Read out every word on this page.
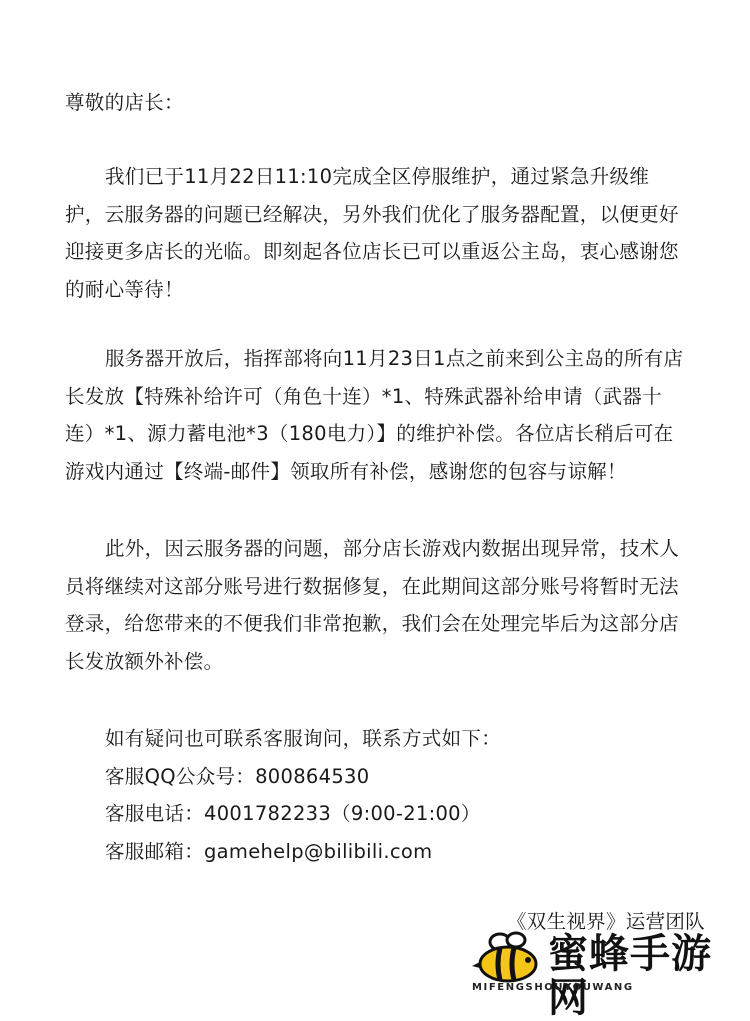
尊敬的店长：

我们已于11月22日11:10完成全区停服维护，通过紧急升级维护，云服务器的问题已经解决，另外我们优化了服务器配置，以便更好迎接更多店长的光临。即刻起各位店长已可以重返公主岛，衷心感谢您的耐心等待！

服务器开放后，指挥部将向11月23日1点之前来到公主岛的所有店长发放【特殊补给许可（角色十连）*1、特殊武器补给申请（武器十连）*1、源力蓄电池*3（180电力）】的维护补偿。各位店长稍后可在游戏内通过【终端-邮件】领取所有补偿，感谢您的包容与谅解！

此外，因云服务器的问题，部分店长游戏内数据出现异常，技术人员将继续对这部分账号进行数据修复，在此期间这部分账号将暂时无法登录，给您带来的不便我们非常抱歉，我们会在处理完毕后为这部分店长发放额外补偿。

如有疑问也可联系客服询问，联系方式如下：
客服QQ公众号：800864530
客服电话：4001782233（9:00-21:00）
客服邮箱：gamehelp@bilibili.com

《双生视界》运营团队

蜜蜂手游网
MIFENGSHOUYOUWANG
